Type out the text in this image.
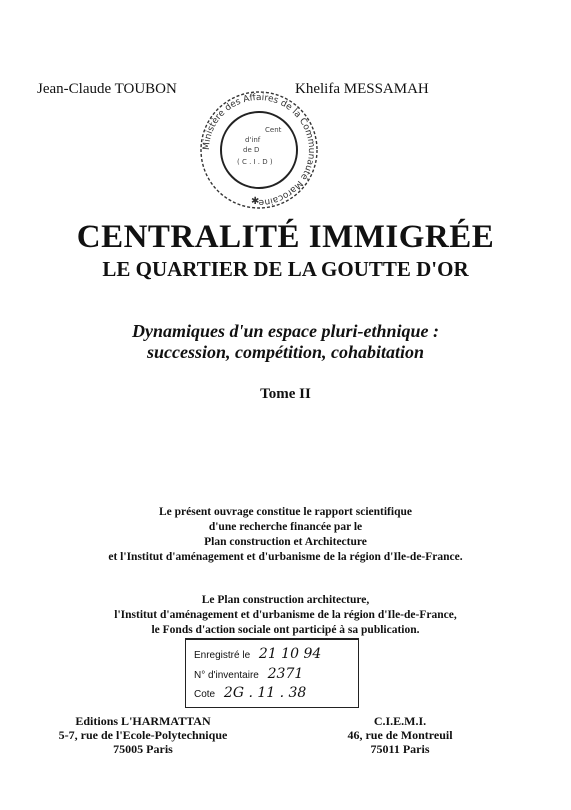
Jean-Claude TOUBON	Khelifa MESSAMAH
Ministère des Affaires de la Communauté Marocaine
Cent
d'inf
de D
( C . I . D )
✱
CENTRALITÉ IMMIGRÉE
LE QUARTIER DE LA GOUTTE D'OR
Dynamiques d'un espace pluri-ethnique :
succession, compétition, cohabitation
Tome II
Le présent ouvrage constitue le rapport scientifique
d'une recherche financée par le
Plan construction et Architecture
et l'Institut d'aménagement et d'urbanisme de la région d'Ile-de-France.
Le Plan construction architecture,
l'Institut d'aménagement et d'urbanisme de la région d'Ile-de-France,
le Fonds d'action sociale ont participé à sa publication.
Enregistré le 21 10 94
N° d'inventaire 2371
Cote 2G . 11 . 38
Editions L'HARMATTAN
5-7, rue de l'Ecole-Polytechnique
75005 Paris
C.I.E.M.I.
46, rue de Montreuil
75011 Paris
